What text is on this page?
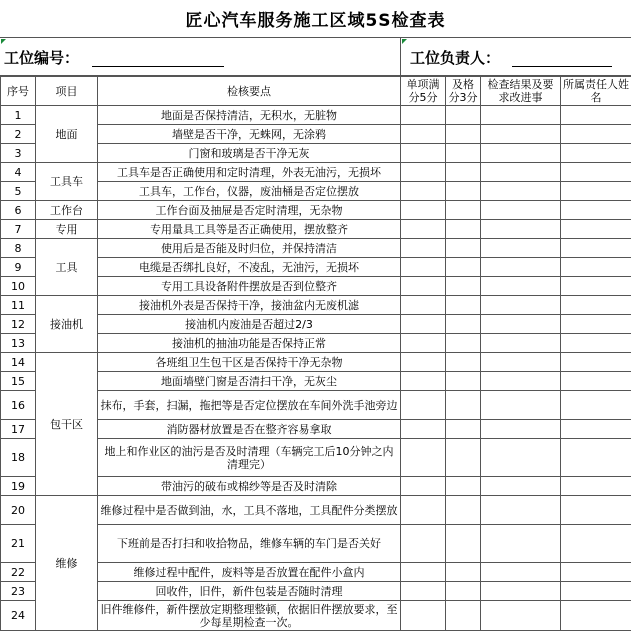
匠心汽车服务施工区域5S检查表
工位编号：	工位负责人：
序号	项目	检核要点	单项满分5分	及格分3分	检查结果及要求改进事	所属责任人姓名
1	地面	地面是否保持清洁，无积水，无脏物				
2		墙壁是否干净，无蛛网，无涂鸦				
3		门窗和玻璃是否干净无灰				
4	工具车	工具车是否正确使用和定时清理，外表无油污，无损坏				
5		工具车，工作台，仪器，废油桶是否定位摆放				
6	工作台	工作台面及抽屉是否定时清理，无杂物				
7	专用	专用量具工具等是否正确使用，摆放整齐				
8	工具	使用后是否能及时归位，并保持清洁				
9		电缆是否绑扎良好，不凌乱，无油污，无损坏				
10		专用工具设备附件摆放是否到位整齐				
11	接油机	接油机外表是否保持干净，接油盆内无废机滤				
12		接油机内废油是否超过2/3				
13		接油机的抽油功能是否保持正常				
14	包干区	各班组卫生包干区是否保持干净无杂物				
15		地面墙壁门窗是否清扫干净，无灰尘				
16		抹布，手套，扫漏，拖把等是否定位摆放在车间外洗手池旁边				
17		消防器材放置是否在整齐容易拿取				
18		地上和作业区的油污是否及时清理（车辆完工后10分钟之内清理完）				
19		带油污的破布或棉纱等是否及时清除				
20	维修	维修过程中是否做到油，水，工具不落地，工具配件分类摆放				
21		下班前是否打扫和收拾物品，维修车辆的车门是否关好				
22		维修过程中配件，废料等是否放置在配件小盒内				
23		回收件，旧件，新件包装是否随时清理				
24		旧件维修件，新件摆放定期整理整顿，依据旧件摆放要求，至少每星期检查一次。				
